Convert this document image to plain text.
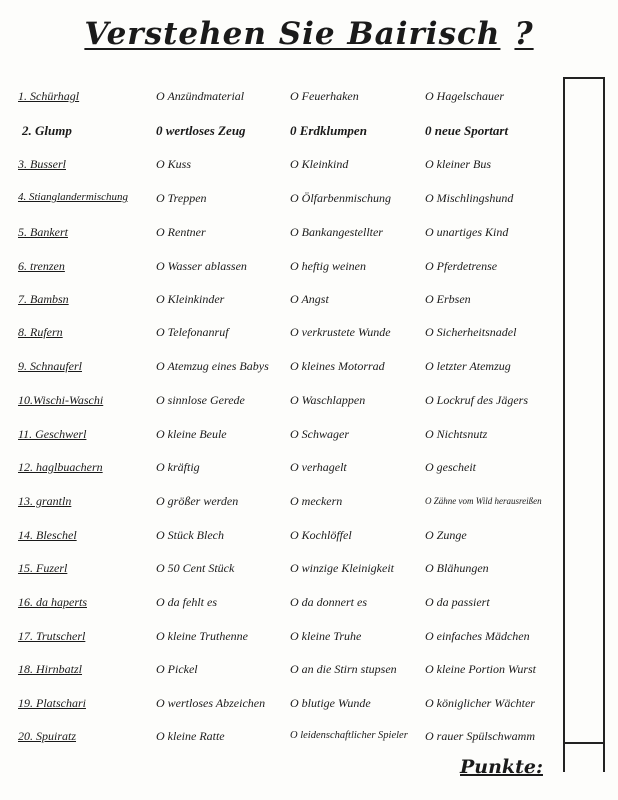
Verstehen Sie Bairisch ?
1. Schürhagl	O Anzündmaterial	O Feuerhaken	O Hagelschauer
2. Glump	0 wertloses Zeug	0 Erdklumpen	0 neue Sportart
3. Busserl	O Kuss	O Kleinkind	O kleiner Bus
4. Stianglandermischung O Treppen	O Ölfarbenmischung	O Mischlingshund
5. Bankert	O Rentner	O Bankangestellter	O unartiges Kind
6. trenzen	O Wasser ablassen	O heftig weinen	O Pferdetrense
7. Bambsn	O Kleinkinder	O Angst	O Erbsen
8. Rufern	O Telefonanruf	O verkrustete Wunde	O Sicherheitsnadel
9. Schnauferl	O Atemzug eines Babys O kleines Motorrad	O letzter Atemzug
10.Wischi-Waschi	O sinnlose Gerede	O Waschlappen	O Lockruf des Jägers
11. Geschwerl	O kleine Beule	O Schwager	O Nichtsnutz
12. haglbuachern	O kräftig	O verhagelt	O gescheit
13. grantln	O größer werden	O meckern	O Zähne vom Wild herausreißen
14. Bleschel	O Stück Blech	O Kochlöffel	O Zunge
15. Fuzerl	O 50 Cent Stück	O winzige Kleinigkeit	O Blähungen
16. da haperts	O da fehlt es	O da donnert es	O da passiert
17. Trutscherl	O kleine Truthenne	O kleine Truhe	O einfaches Mädchen
18. Hirnbatzl	O Pickel	O an die Stirn stupsen O kleine Portion Wurst
19. Platschari	O wertloses Abzeichen O blutige Wunde	O königlicher Wächter
20. Spuiratz	O kleine Ratte	O leidenschaftlicher Spieler O rauer Spülschwamm
Punkte:
